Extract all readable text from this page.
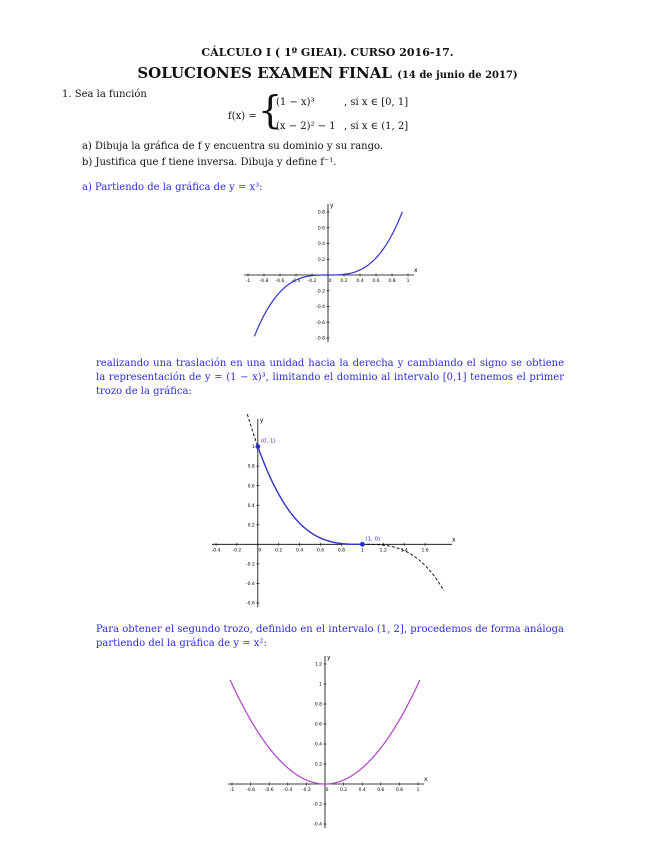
CÁLCULO I ( 1º GIEAI). CURSO 2016-17.
SOLUCIONES EXAMEN FINAL (14 de junio de 2017)
1. Sea la función
f(x) = {
(1 − x)³	, si x ∈ [0, 1]
(x − 2)² − 1 , si x ∈ (1, 2]
a) Dibuja la gráfica de f y encuentra su dominio y su rango.
b) Justifica que f tiene inversa. Dibuja y define f⁻¹.
a) Partiendo de la gráfica de y = x³:
x
y
-1 -0.8 -0.6 -0.4 -0.2	0 0.2 0.4 0.6 0.8 1
0.8
0.6
0.4
0.2
-0.2
-0.4
-0.6
-0.8
realizando una traslación en una unidad hacia la derecha y cambiando el signo se obtiene la representación de y = (1 − x)³, limitando el dominio al intervalo [0,1] tenemos el primer trozo de la gráfica:
x
y
-0.4	-0.2	0	0.2	0.4	0.6	0.8	1	1.2	1.4	1.6
1
0.8
0.6
0.4
0.2
-0.2
-0.4
-0.6
(0, 1)
(1, 0)
Para obtener el segundo trozo, definido en el intervalo (1, 2], procedemos de forma análoga partiendo del la gráfica de y = x²:
x
y
-1	-0.8 -0.6 -0.4 -0.2	0	0.2	0.4	0.6	0.8	1
1.2
1
0.8
0.6
0.4
0.2
-0.2
-0.4
